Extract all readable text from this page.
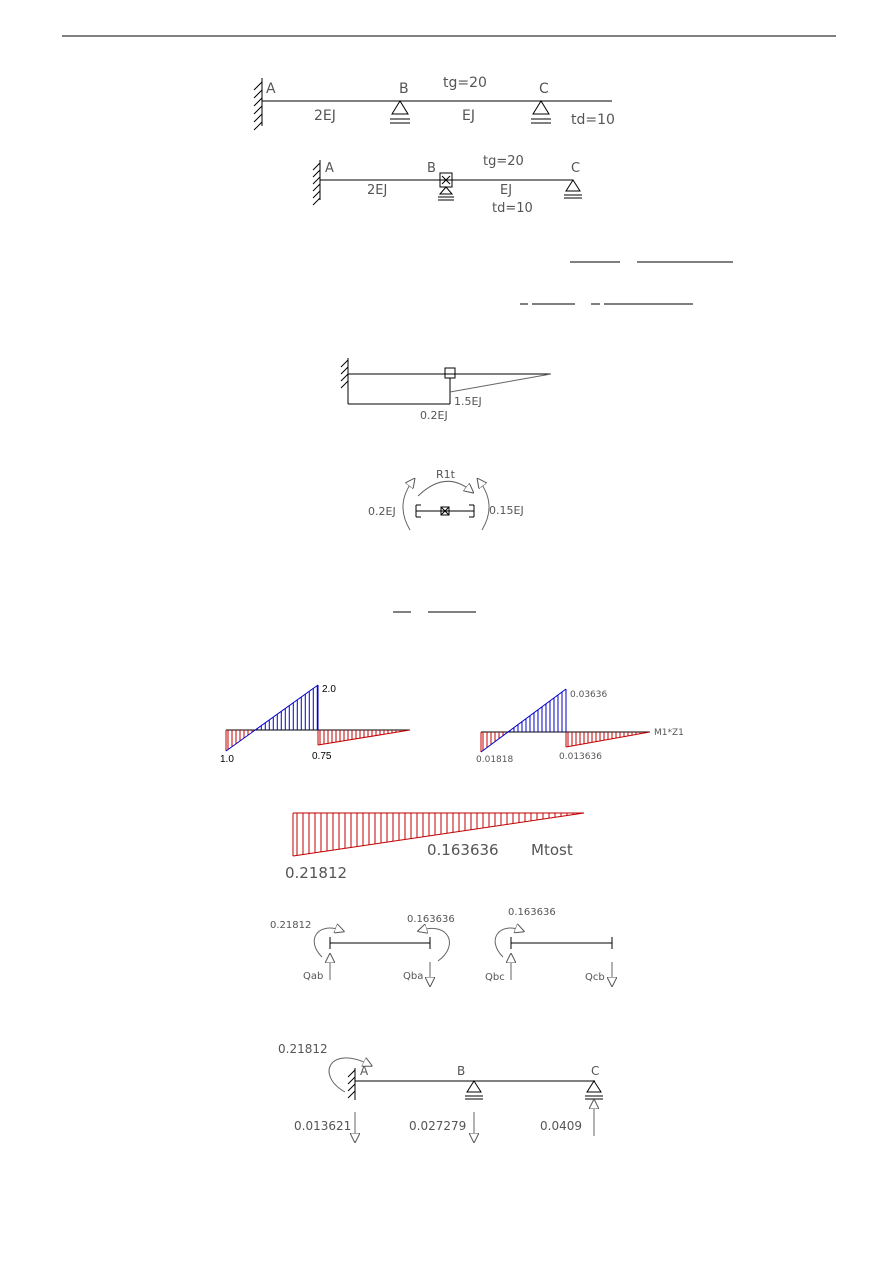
A	B	C
2EJ	EJ
tg=20
td=10
A	B	C
2EJ	EJ
tg=20
td=10
1.5EJ
0.2EJ
R1t
0.2EJ	0.15EJ
2.0
1.0	0.75
0.03636
0.01818	0.013636
M1*Z1
0.21812
0.163636 Mtost
0.21812
0.163636
Qab	Qba
0.163636
Qbc	Qcb
0.21812
A	B	C
0.013621	0.027279	0.0409
